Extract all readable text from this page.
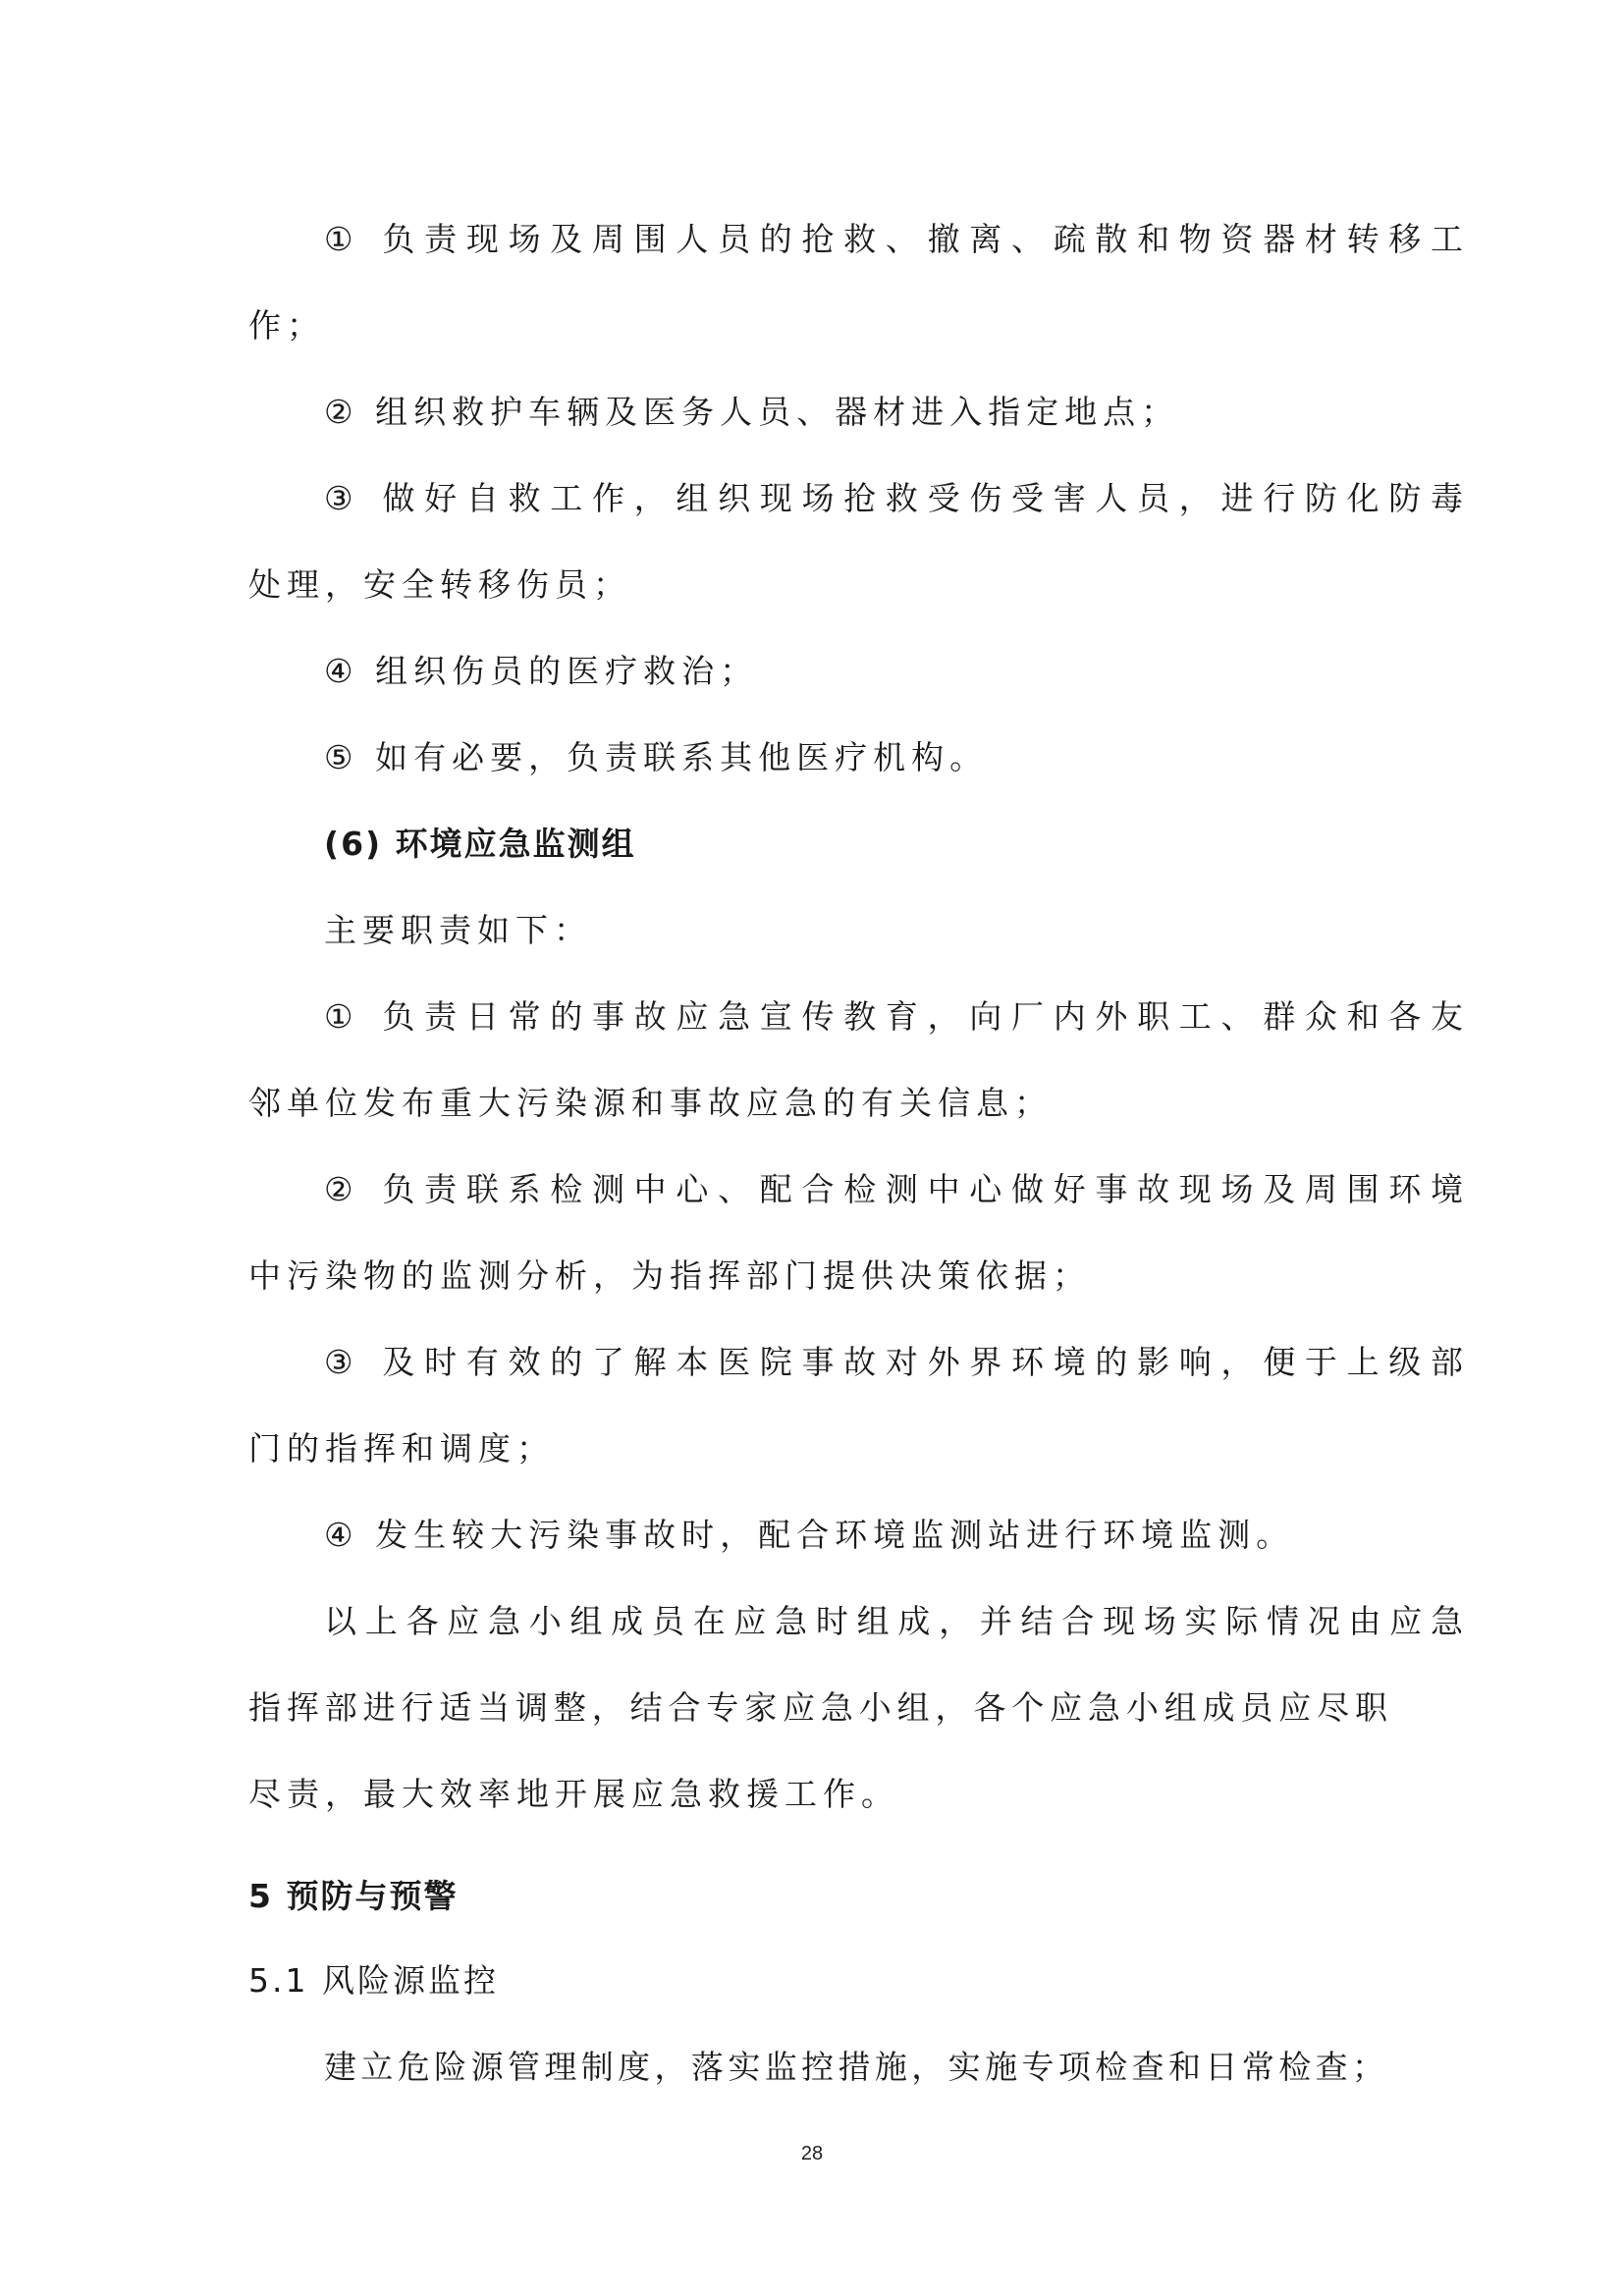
① 负责现场及周围人员的抢救、撤离、疏散和物资器材转移工
作；
② 组织救护车辆及医务人员、器材进入指定地点；
③ 做好自救工作，组织现场抢救受伤受害人员，进行防化防毒
处理，安全转移伤员；
④ 组织伤员的医疗救治；
⑤ 如有必要，负责联系其他医疗机构。
(6) 环境应急监测组
主要职责如下：
① 负责日常的事故应急宣传教育，向厂内外职工、群众和各友
邻单位发布重大污染源和事故应急的有关信息；
② 负责联系检测中心、配合检测中心做好事故现场及周围环境
中污染物的监测分析，为指挥部门提供决策依据；
③ 及时有效的了解本医院事故对外界环境的影响，便于上级部
门的指挥和调度；
④ 发生较大污染事故时，配合环境监测站进行环境监测。
以上各应急小组成员在应急时组成，并结合现场实际情况由应急
指挥部进行适当调整，结合专家应急小组，各个应急小组成员应尽职
尽责，最大效率地开展应急救援工作。
5 预防与预警
5.1 风险源监控
建立危险源管理制度，落实监控措施，实施专项检查和日常检查；
28
